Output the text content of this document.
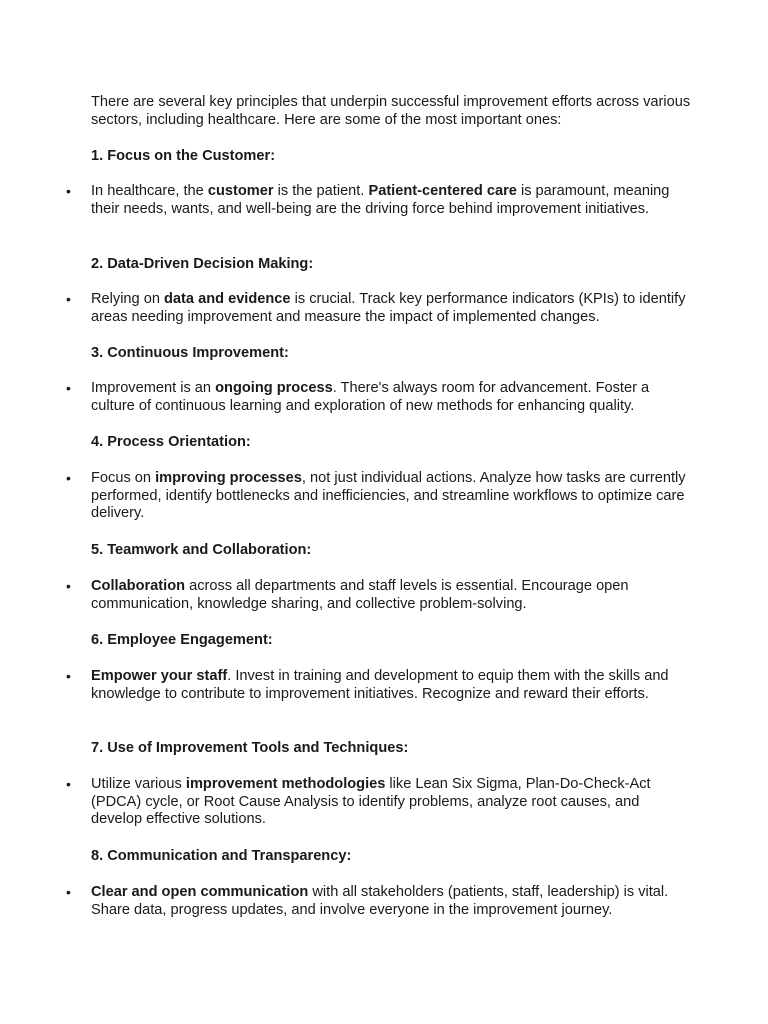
There are several key principles that underpin successful improvement efforts across various sectors, including healthcare. Here are some of the most important ones:

1. Focus on the Customer:

• In healthcare, the customer is the patient. Patient-centered care is paramount, meaning their needs, wants, and well-being are the driving force behind improvement initiatives.

2. Data-Driven Decision Making:

• Relying on data and evidence is crucial. Track key performance indicators (KPIs) to identify areas needing improvement and measure the impact of implemented changes.

3. Continuous Improvement:

• Improvement is an ongoing process. There's always room for advancement. Foster a culture of continuous learning and exploration of new methods for enhancing quality.

4. Process Orientation:

• Focus on improving processes, not just individual actions. Analyze how tasks are currently performed, identify bottlenecks and inefficiencies, and streamline workflows to optimize care delivery.

5. Teamwork and Collaboration:

• Collaboration across all departments and staff levels is essential. Encourage open communication, knowledge sharing, and collective problem-solving.

6. Employee Engagement:

• Empower your staff. Invest in training and development to equip them with the skills and knowledge to contribute to improvement initiatives. Recognize and reward their efforts.

7. Use of Improvement Tools and Techniques:

• Utilize various improvement methodologies like Lean Six Sigma, Plan-Do-Check-Act (PDCA) cycle, or Root Cause Analysis to identify problems, analyze root causes, and develop effective solutions.

8. Communication and Transparency:

• Clear and open communication with all stakeholders (patients, staff, leadership) is vital. Share data, progress updates, and involve everyone in the improvement journey.
